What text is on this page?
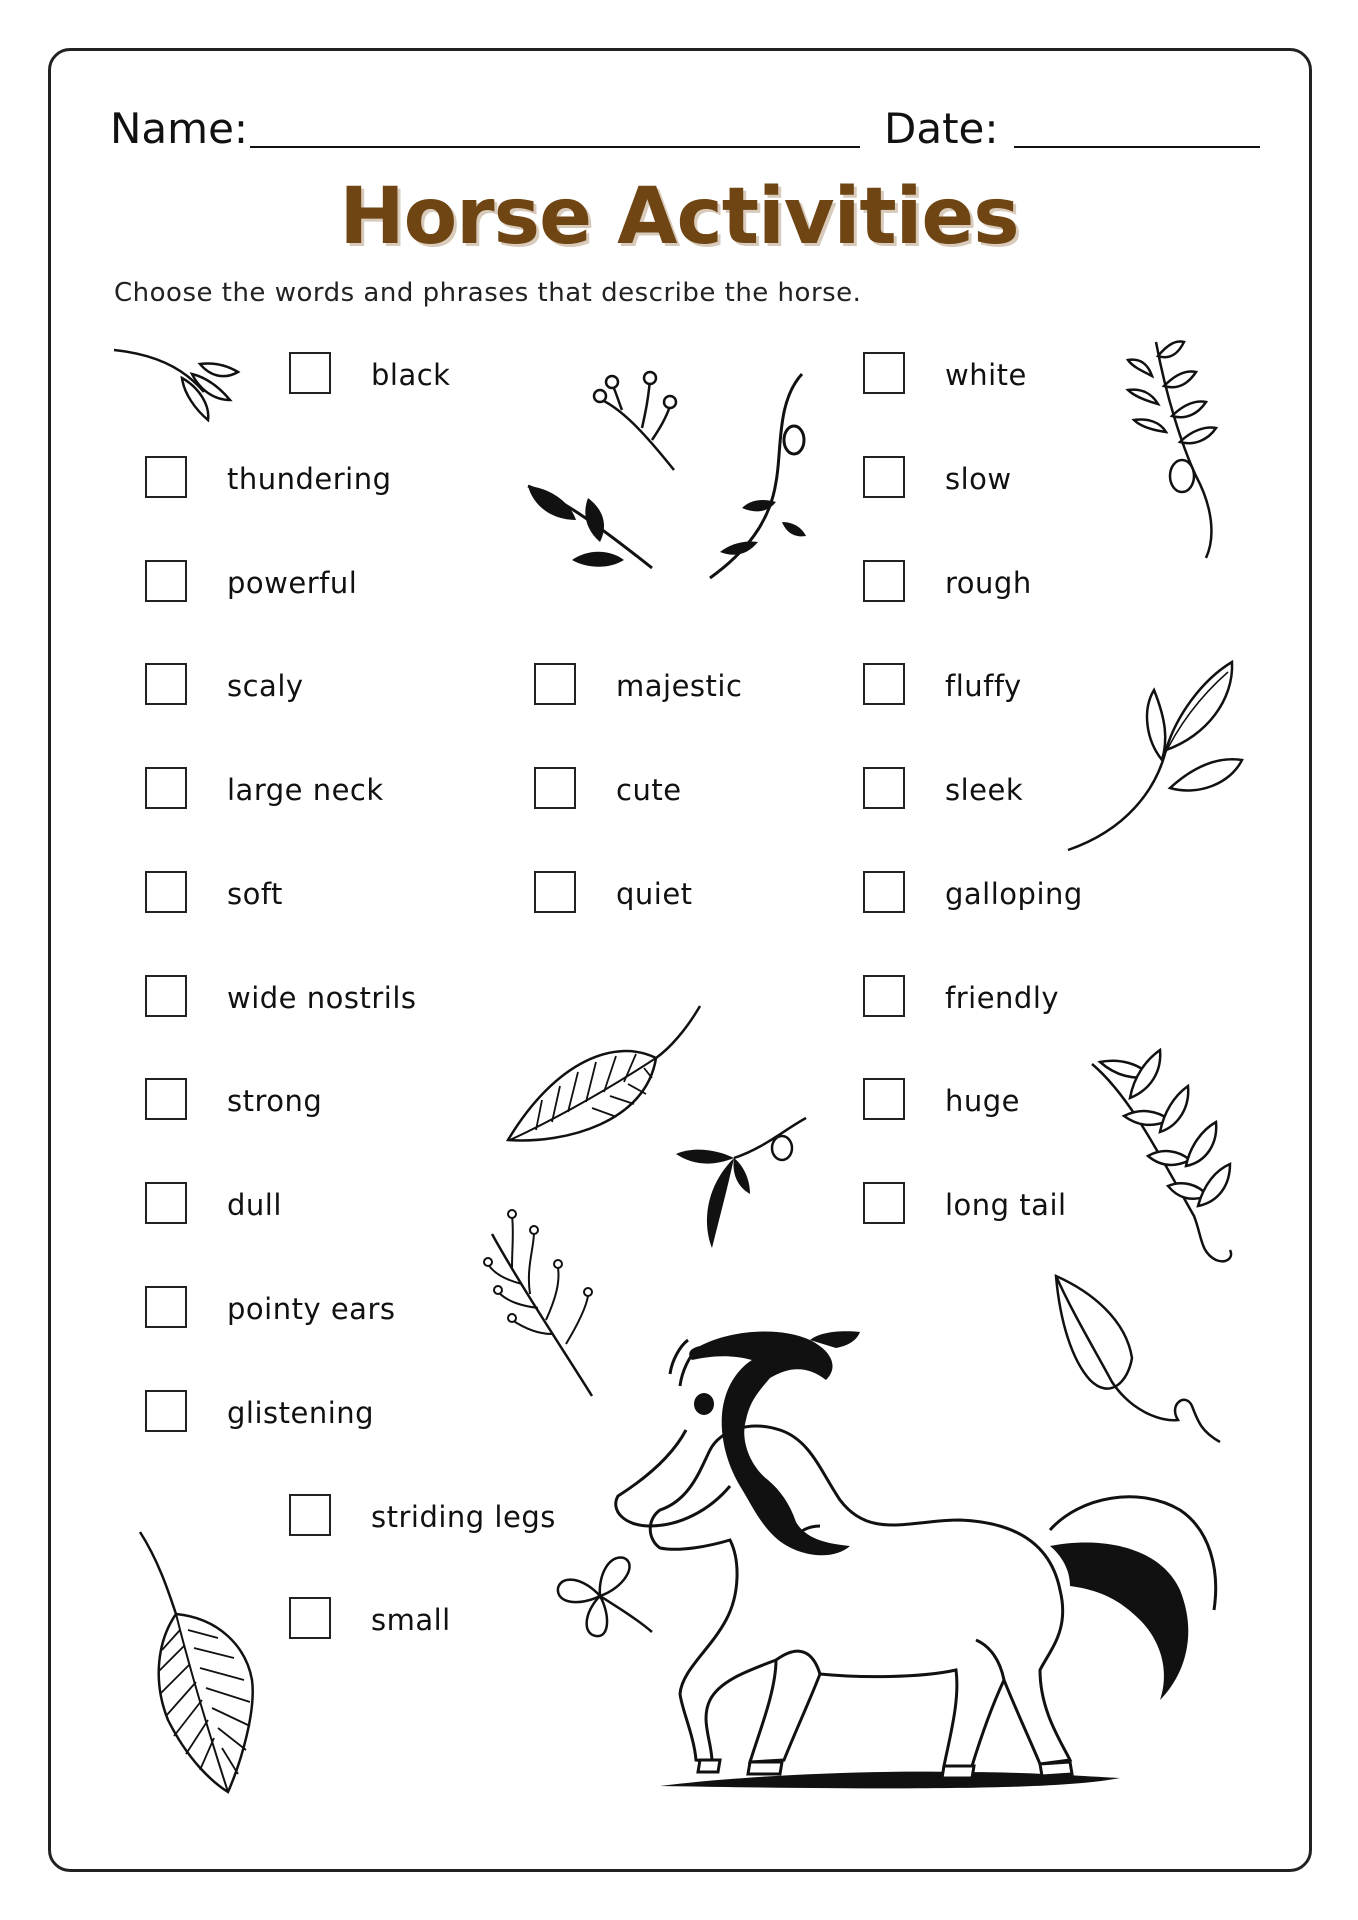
Name:	Date:
Horse Activities
Choose the words and phrases that describe the horse.
black
thundering
powerful
scaly
large neck
soft
wide nostrils
strong
dull
pointy ears
glistening
striding legs
small
majestic
cute
quiet
white
slow
rough
fluffy
sleek
galloping
friendly
huge
long tail
